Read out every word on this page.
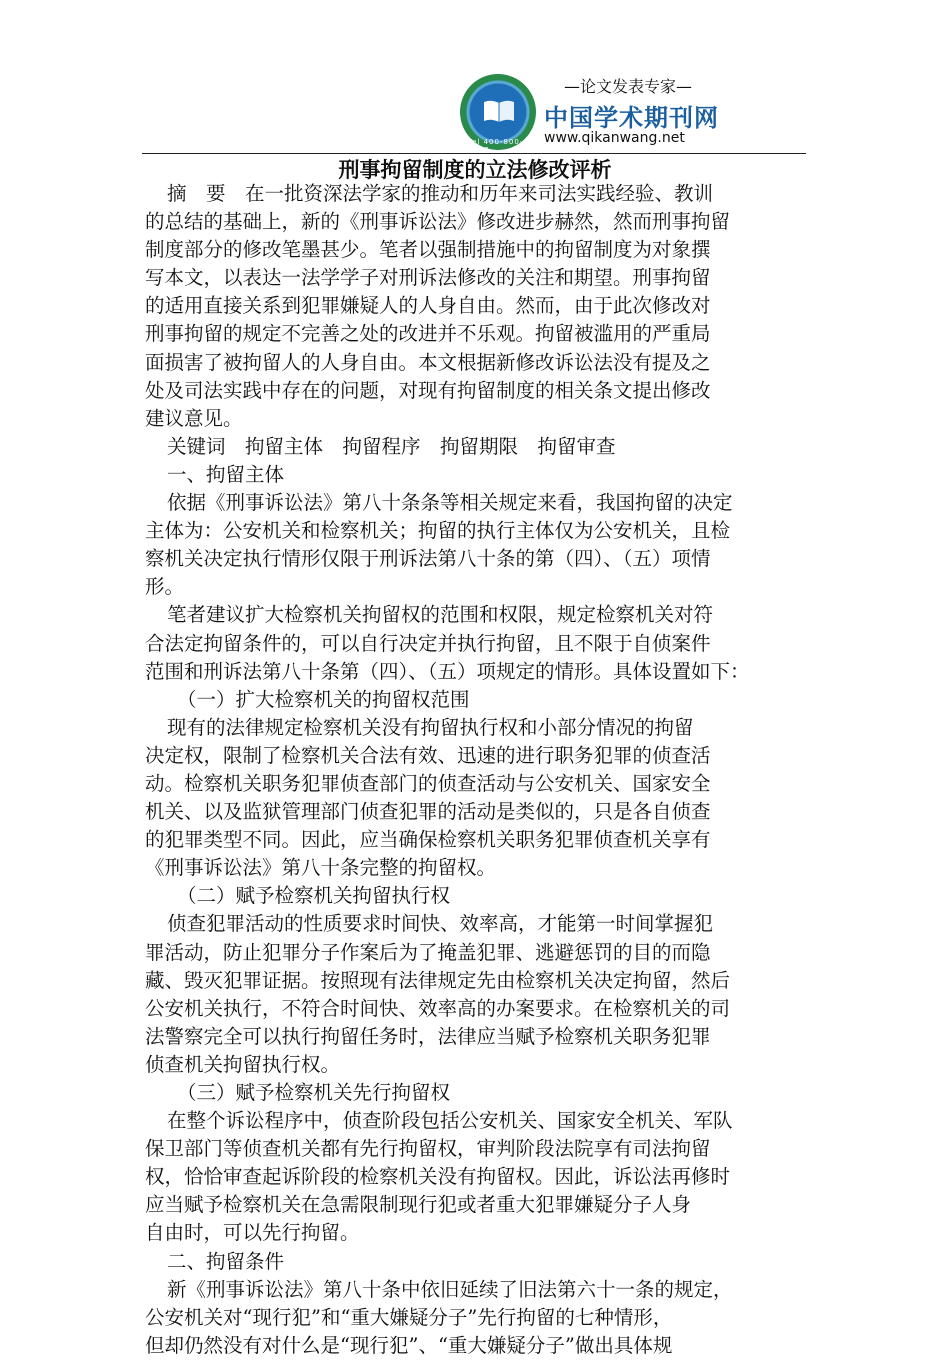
Tel 400-800-1222
—论文发表专家—
中国学术期刊网
www.qikanwang.net
刑事拘留制度的立法修改评析
摘　要　在一批资深法学家的推动和历年来司法实践经验、教训
的总结的基础上，新的《刑事诉讼法》修改进步赫然，然而刑事拘留
制度部分的修改笔墨甚少。笔者以强制措施中的拘留制度为对象撰
写本文，以表达一法学学子对刑诉法修改的关注和期望。刑事拘留
的适用直接关系到犯罪嫌疑人的人身自由。然而，由于此次修改对
刑事拘留的规定不完善之处的改进并不乐观。拘留被滥用的严重局
面损害了被拘留人的人身自由。本文根据新修改诉讼法没有提及之
处及司法实践中存在的问题，对现有拘留制度的相关条文提出修改
建议意见。
关键词　拘留主体　拘留程序　拘留期限　拘留审查
一、拘留主体
依据《刑事诉讼法》第八十条条等相关规定来看，我国拘留的决定
主体为：公安机关和检察机关；拘留的执行主体仅为公安机关，且检
察机关决定执行情形仅限于刑诉法第八十条的第（四）、（五）项情
形。
笔者建议扩大检察机关拘留权的范围和权限，规定检察机关对符
合法定拘留条件的，可以自行决定并执行拘留，且不限于自侦案件
范围和刑诉法第八十条第（四）、（五）项规定的情形。具体设置如下：
（一）扩大检察机关的拘留权范围
现有的法律规定检察机关没有拘留执行权和小部分情况的拘留
决定权，限制了检察机关合法有效、迅速的进行职务犯罪的侦查活
动。检察机关职务犯罪侦查部门的侦查活动与公安机关、国家安全
机关、以及监狱管理部门侦查犯罪的活动是类似的，只是各自侦查
的犯罪类型不同。因此，应当确保检察机关职务犯罪侦查机关享有
《刑事诉讼法》第八十条完整的拘留权。
（二）赋予检察机关拘留执行权
侦查犯罪活动的性质要求时间快、效率高，才能第一时间掌握犯
罪活动，防止犯罪分子作案后为了掩盖犯罪、逃避惩罚的目的而隐
藏、毁灭犯罪证据。按照现有法律规定先由检察机关决定拘留，然后
公安机关执行，不符合时间快、效率高的办案要求。在检察机关的司
法警察完全可以执行拘留任务时，法律应当赋予检察机关职务犯罪
侦查机关拘留执行权。
（三）赋予检察机关先行拘留权
在整个诉讼程序中，侦查阶段包括公安机关、国家安全机关、军队
保卫部门等侦查机关都有先行拘留权，审判阶段法院享有司法拘留
权，恰恰审查起诉阶段的检察机关没有拘留权。因此，诉讼法再修时
应当赋予检察机关在急需限制现行犯或者重大犯罪嫌疑分子人身
自由时，可以先行拘留。
二、拘留条件
新《刑事诉讼法》第八十条中依旧延续了旧法第六十一条的规定，
公安机关对“现行犯”和“重大嫌疑分子”先行拘留的七种情形，
但却仍然没有对什么是“现行犯”、“重大嫌疑分子”做出具体规
